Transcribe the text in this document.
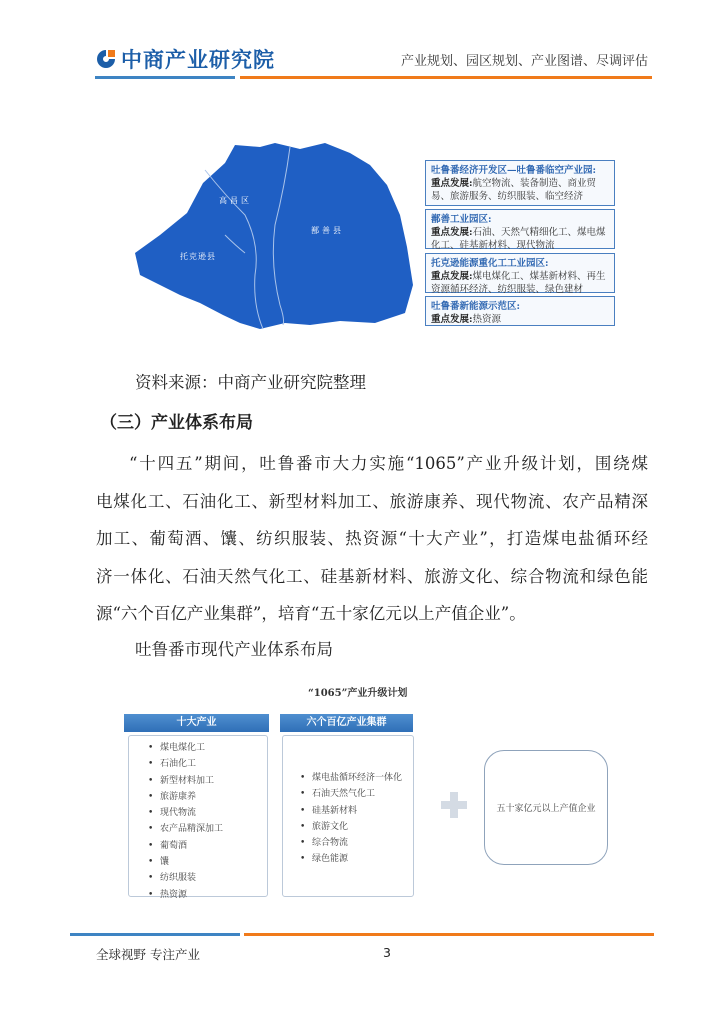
中商产业研究院	产业规划、园区规划、产业图谱、尽调评估
高昌区
鄯善县
托克逊县
吐鲁番经济开发区—吐鲁番临空产业园:
重点发展:航空物流、装备制造、商业贸易、旅游服务、纺织服装、临空经济
鄯善工业园区:
重点发展:石油、天然气精细化工、煤电煤化工、硅基新材料、现代物流
托克逊能源重化工工业园区:
重点发展:煤电煤化工、煤基新材料、再生资源循环经济、纺织服装、绿色建材
吐鲁番新能源示范区:
重点发展:热资源
资料来源：中商产业研究院整理
（三）产业体系布局
“十四五”期间，吐鲁番市大力实施“1065”产业升级计划，围绕煤
电煤化工、石油化工、新型材料加工、旅游康养、现代物流、农产品精深
加工、葡萄酒、馕、纺织服装、热资源“十大产业”，打造煤电盐循环经
济一体化、石油天然气化工、硅基新材料、旅游文化、综合物流和绿色能
源“六个百亿产业集群”，培育“五十家亿元以上产值企业”。
吐鲁番市现代产业体系布局
“1065”产业升级计划
十大产业	六个百亿产业集群
• 煤电煤化工
• 石油化工
• 新型材料加工
• 旅游康养
• 现代物流
• 农产品精深加工
• 葡萄酒
• 馕
• 纺织服装
• 热资源
• 煤电盐循环经济一体化
• 石油天然气化工
• 硅基新材料
• 旅游文化
• 综合物流
• 绿色能源
五十家亿元以上产值企业
全球视野 专注产业	3
